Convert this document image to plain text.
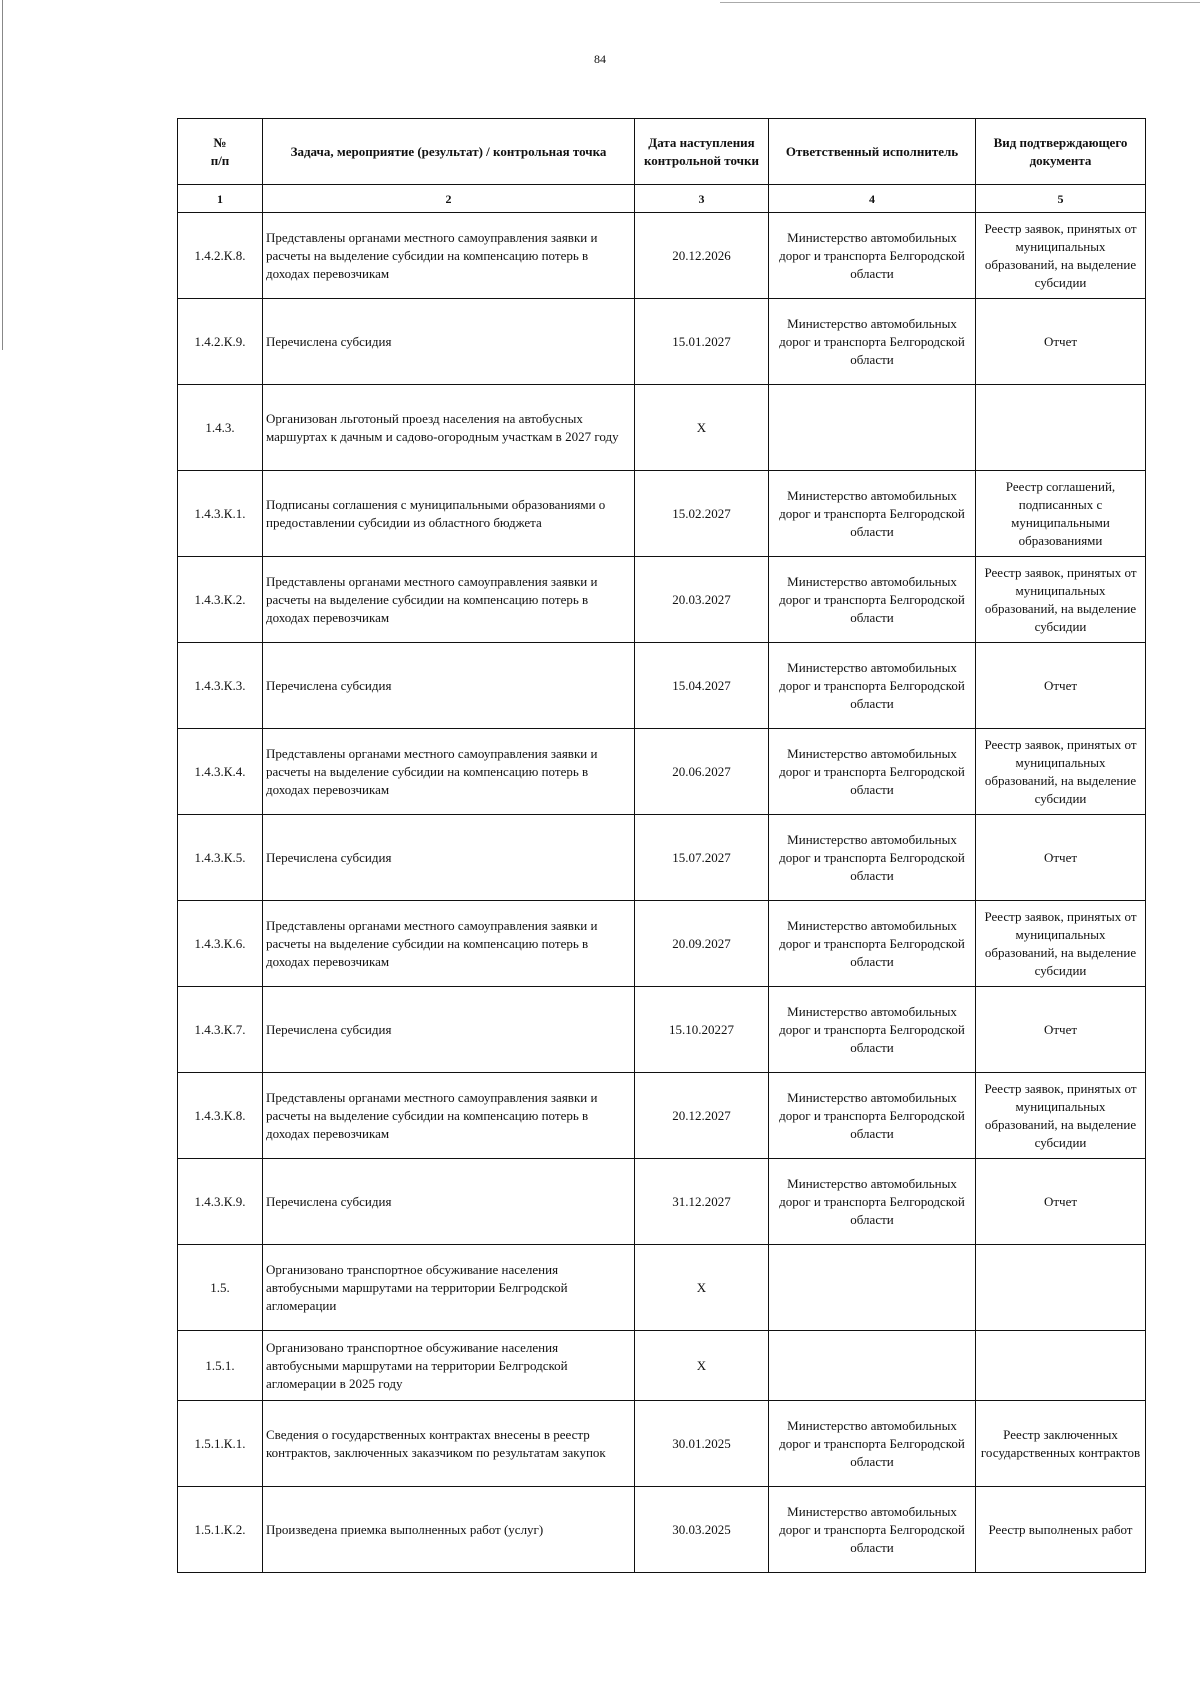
84
№
п/п	Задача, мероприятие (результат) / контрольная точка	Дата наступления контрольной точки	Ответственный исполнитель	Вид подтверждающего документа
1	2	3	4	5
1.4.2.К.8.	Представлены органами местного самоуправления заявки и расчеты на выделение субсидии на компенсацию потерь в доходах перевозчикам	20.12.2026	Министерство автомобильных дорог и транспорта Белгородской области	Реестр заявок, принятых от муниципальных образований, на выделение субсидии
1.4.2.К.9.	Перечислена субсидия	15.01.2027	Министерство автомобильных дорог и транспорта Белгородской области	Отчет
1.4.3.	Организован льготоный проезд населения на автобусных маршуртах к дачным и садово-огородным участкам в 2027 году	X		
1.4.3.К.1.	Подписаны соглашения с муниципальными образованиями о предоставлении субсидии из областного бюджета	15.02.2027	Министерство автомобильных дорог и транспорта Белгородской области	Реестр соглашений, подписанных с муниципальными образованиями
1.4.3.К.2.	Представлены органами местного самоуправления заявки и расчеты на выделение субсидии на компенсацию потерь в доходах перевозчикам	20.03.2027	Министерство автомобильных дорог и транспорта Белгородской области	Реестр заявок, принятых от муниципальных образований, на выделение субсидии
1.4.3.К.3.	Перечислена субсидия	15.04.2027	Министерство автомобильных дорог и транспорта Белгородской области	Отчет
1.4.3.К.4.	Представлены органами местного самоуправления заявки и расчеты на выделение субсидии на компенсацию потерь в доходах перевозчикам	20.06.2027	Министерство автомобильных дорог и транспорта Белгородской области	Реестр заявок, принятых от муниципальных образований, на выделение субсидии
1.4.3.К.5.	Перечислена субсидия	15.07.2027	Министерство автомобильных дорог и транспорта Белгородской области	Отчет
1.4.3.К.6.	Представлены органами местного самоуправления заявки и расчеты на выделение субсидии на компенсацию потерь в доходах перевозчикам	20.09.2027	Министерство автомобильных дорог и транспорта Белгородской области	Реестр заявок, принятых от муниципальных образований, на выделение субсидии
1.4.3.К.7.	Перечислена субсидия	15.10.20227	Министерство автомобильных дорог и транспорта Белгородской области	Отчет
1.4.3.К.8.	Представлены органами местного самоуправления заявки и расчеты на выделение субсидии на компенсацию потерь в доходах перевозчикам	20.12.2027	Министерство автомобильных дорог и транспорта Белгородской области	Реестр заявок, принятых от муниципальных образований, на выделение субсидии
1.4.3.К.9.	Перечислена субсидия	31.12.2027	Министерство автомобильных дорог и транспорта Белгородской области	Отчет
1.5.	Организовано транспортное обсуживание населения автобусными маршрутами на территории Белгродской агломерации	X		
1.5.1.	Организовано транспортное обсуживание населения автобусными маршрутами на территории Белгродской агломерации в 2025 году	X		
1.5.1.К.1.	Сведения о государственных контрактах внесены в реестр контрактов, заключенных заказчиком по результатам закупок	30.01.2025	Министерство автомобильных дорог и транспорта Белгородской области	Реестр заключенных государственных контрактов
1.5.1.К.2.	Произведена приемка выполненных работ (услуг)	30.03.2025	Министерство автомобильных дорог и транспорта Белгородской области	Реестр выполненых работ
